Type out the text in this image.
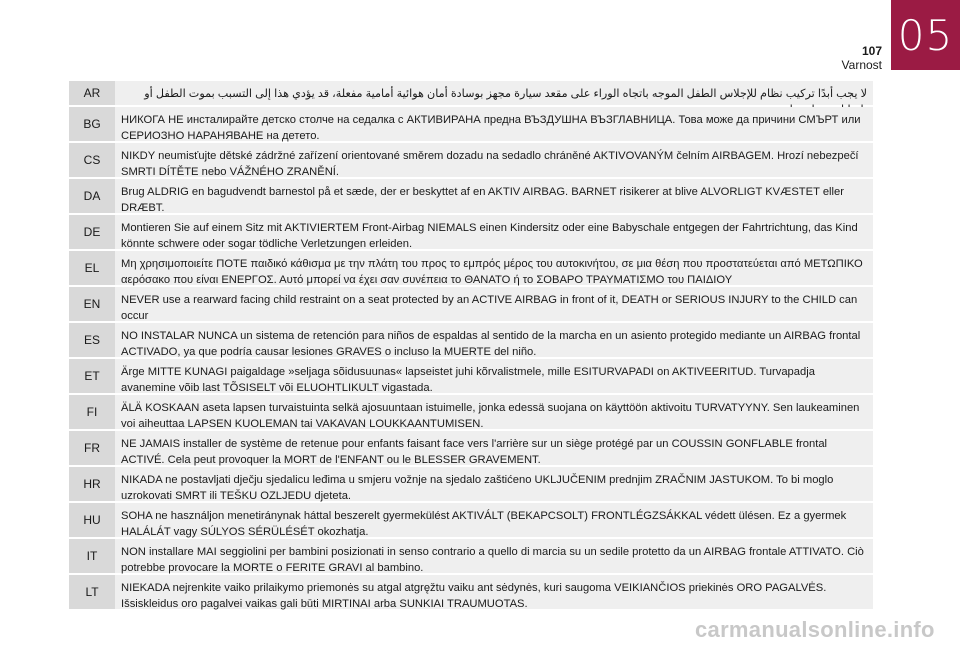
05
107
Varnost
AR	لا يجب أبدًا تركيب نظام للإجلاس الطفل الموجه باتجاه الوراء على مقعد سيارة مجهز بوسادة أمان هوائية أمامية مفعلة، قد يؤدي هذا إلى التسبب بموت الطفل أو
BG	НИКОГА НЕ инсталирайте детско столче на седалка с АКТИВИРАНА предна ВЪЗДУШНА ВЪЗГЛАВНИЦА. Това може да причини СМЪРТ или СЕРИОЗНО НАРАНЯВАНЕ на детето.
CS	NIKDY neumisťujte dětské zádržné zařízení orientované směrem dozadu na sedadlo chráněné AKTIVOVANÝM čelním AIRBAGEM. Hrozí nebezpečí SMRTI DÍTĚTE nebo VÁŽNÉHO ZRANĚNÍ.
DA	Brug ALDRIG en bagudvendt barnestol på et sæde, der er beskyttet af en AKTIV AIRBAG. BARNET risikerer at blive ALVORLIGT KVÆSTET eller DRÆBT.
DE	Montieren Sie auf einem Sitz mit AKTIVIERTEM Front-Airbag NIEMALS einen Kindersitz oder eine Babyschale entgegen der Fahrtrichtung, das Kind könnte schwere oder sogar tödliche Verletzungen erleiden.
EL	Μη χρησιμοποιείτε ΠΟΤΕ παιδικό κάθισμα με την πλάτη του προς το εμπρός μέρος του αυτοκινήτου, σε μια θέση που προστατεύεται από ΜΕΤΩΠΙΚΟ αερόσακο που είναι ΕΝΕΡΓΟΣ. Αυτό μπορεί να έχει σαν συνέπεια το ΘΑΝΑΤΟ ή το ΣΟΒΑΡΟ ΤΡΑΥΜΑΤΙΣΜΟ του ΠΑΙΔΙΟΥ
EN	NEVER use a rearward facing child restraint on a seat protected by an ACTIVE AIRBAG in front of it, DEATH or SERIOUS INJURY to the CHILD can occur
ES	NO INSTALAR NUNCA un sistema de retención para niños de espaldas al sentido de la marcha en un asiento protegido mediante un AIRBAG frontal ACTIVADO, ya que podría causar lesiones GRAVES o incluso la MUERTE del niño.
ET	Ärge MITTE KUNAGI paigaldage »seljaga sõidusuunas« lapseistet juhi kõrvalistmele, mille ESITURVAPADI on AKTIVEERITUD. Turvapadja avanemine võib last TÕSISELT või ELUOHTLIKULT vigastada.
FI	ÄLÄ KOSKAAN aseta lapsen turvaistuinta selkä ajosuuntaan istuimelle, jonka edessä suojana on käyttöön aktivoitu TURVATYYNY. Sen laukeaminen voi aiheuttaa LAPSEN KUOLEMAN tai VAKAVAN LOUKKAANTUMISEN.
FR	NE JAMAIS installer de système de retenue pour enfants faisant face vers l'arrière sur un siège protégé par un COUSSIN GONFLABLE frontal ACTIVÉ. Cela peut provoquer la MORT de l'ENFANT ou le BLESSER GRAVEMENT.
HR	NIKADA ne postavljati dječju sjedalicu leđima u smjeru vožnje na sjedalo zaštićeno UKLJUČENIM prednjim ZRAČNIM JASTUKOM. To bi moglo uzrokovati SMRT ili TEŠKU OZLJEDU djeteta.
HU	SOHA ne használjon menetiránynak háttal beszerelt gyermekülést AKTIVÁLT (BEKAPCSOLT) FRONTLÉGZSÁKKAL védett ülésen. Ez a gyermek HALÁLÁT vagy SÚLYOS SÉRÜLÉSÉT okozhatja.
IT	NON installare MAI seggiolini per bambini posizionati in senso contrario a quello di marcia su un sedile protetto da un AIRBAG frontale ATTIVATO. Ciò potrebbe provocare la MORTE o FERITE GRAVI al bambino.
LT	NIEKADA nejrenkite vaiko prilaikymo priemonės su atgal atgręžtu vaiku ant sėdynės, kuri saugoma VEIKIANČIOS priekinės ORO PAGALVĖS. Išsiskleidus oro pagalvei vaikas gali būti MIRTINAI arba SUNKIAI TRAUMUOTAS.
carmanualsonline.info
